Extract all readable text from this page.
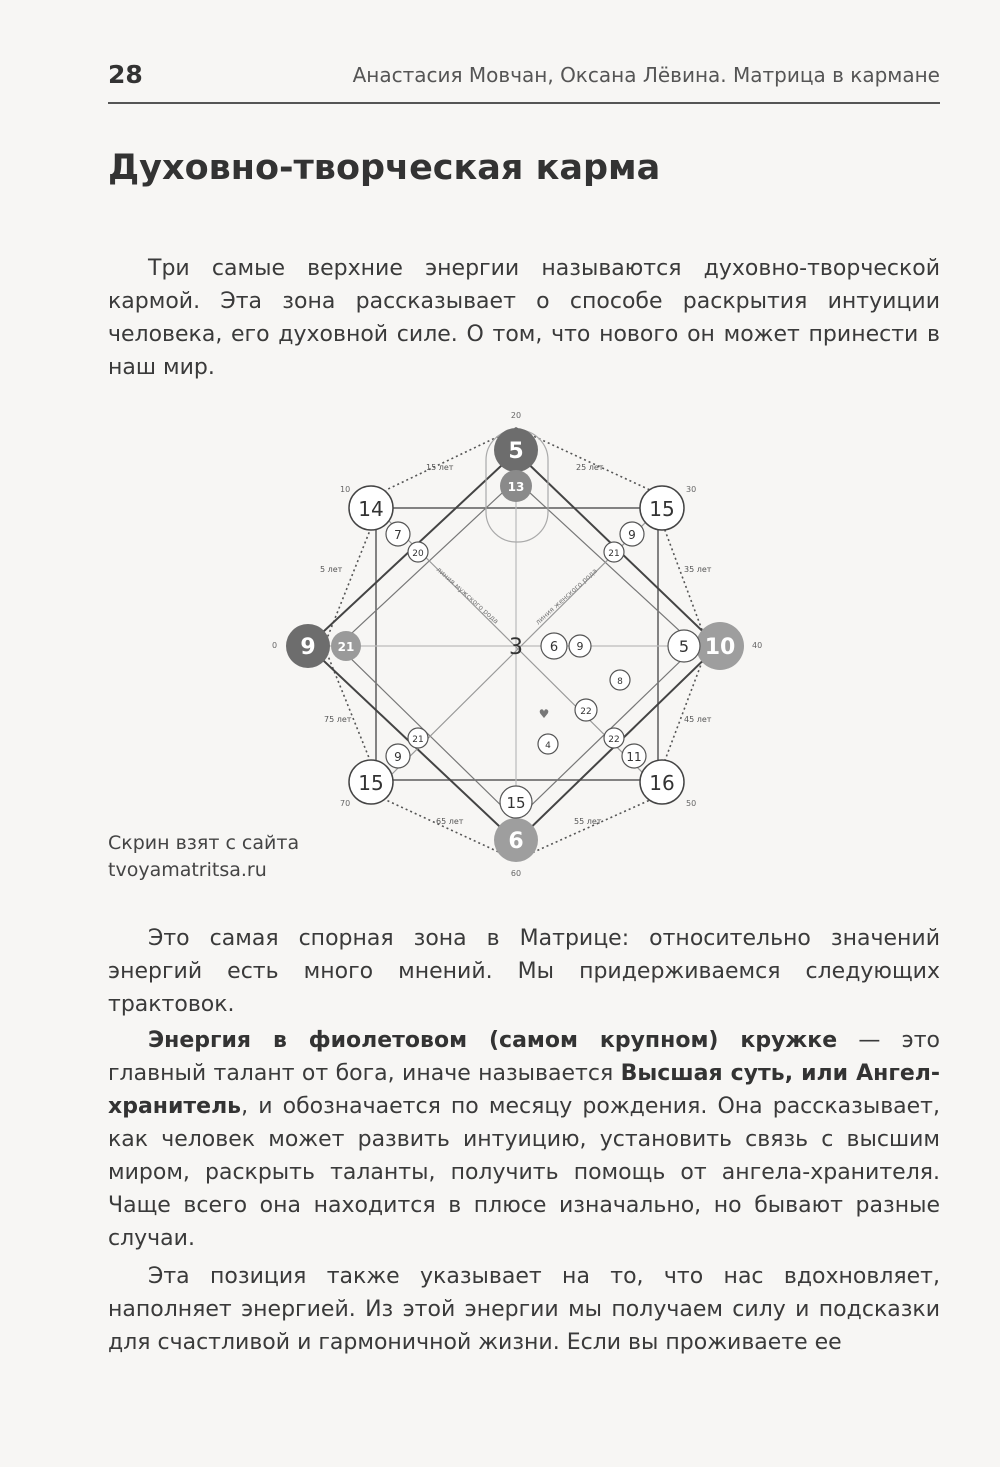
28	Анастасия Мовчан, Оксана Лёвина. Матрица в кармане
Духовно-творческая карма

Три самые верхние энергии называются духовно-творческой кармой. Эта зона рассказывает о способе раскрытия интуиции человека, его духовной силе. О том, что нового он может принести в наш мир.

линия мужского рода	линия женского рода
20
0	40
60
15 лет	25 лет
35 лет
45 лет
55 лет
65 лет
75 лет
5 лет
10	30
50
70
5
13
9 21	10
5
6
15
14	15
15	16
7
20
9
21
9
21
11
22
3 6 9
8
22
4
♥
Скрин взят с сайта
tvoyamatritsa.ru

Это самая спорная зона в Матрице: относительно значений энергий есть много мнений. Мы придерживаемся следующих трактовок.

Энергия в фиолетовом (самом крупном) кружке — это главный талант от бога, иначе называется Высшая суть, или Ангел-хранитель, и обозначается по месяцу рождения. Она рассказывает, как человек может развить интуицию, установить связь с высшим миром, раскрыть таланты, получить помощь от ангела-хранителя. Чаще всего она находится в плюсе изначально, но бывают разные случаи.

Эта позиция также указывает на то, что нас вдохновляет, наполняет энергией. Из этой энергии мы получаем силу и подсказки для счастливой и гармоничной жизни. Если вы проживаете ее
